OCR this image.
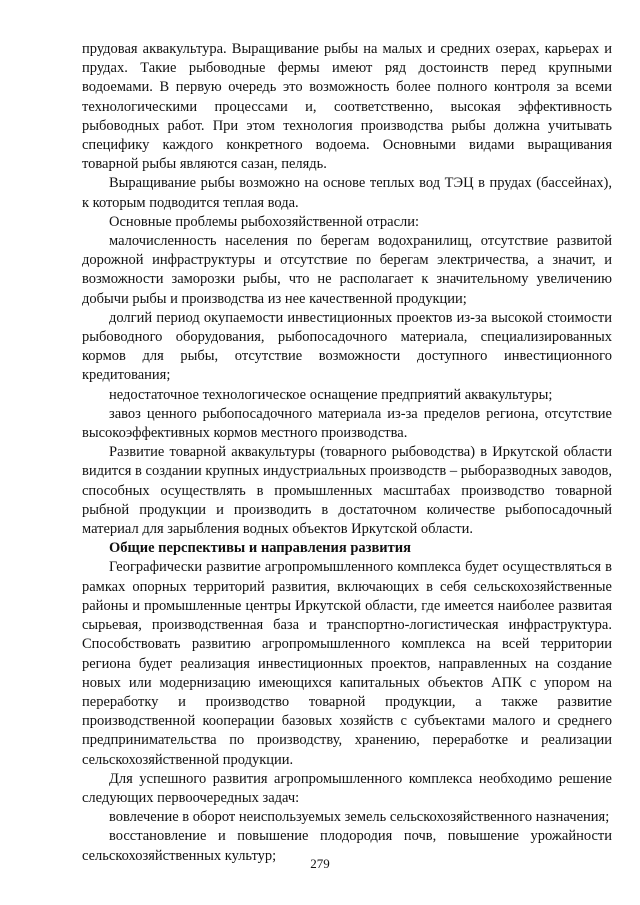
прудовая аквакультура. Выращивание рыбы на малых и средних озерах, карьерах и прудах. Такие рыбоводные фермы имеют ряд достоинств перед крупными водоемами. В первую очередь это возможность более полного контроля за всеми технологическими процессами и, соответственно, высокая эффективность рыбоводных работ. При этом технология производства рыбы должна учитывать специфику каждого конкретного водоема. Основными видами выращивания товарной рыбы являются сазан, пелядь.

Выращивание рыбы возможно на основе теплых вод ТЭЦ в прудах (бассейнах), к которым подводится теплая вода.

Основные проблемы рыбохозяйственной отрасли:

малочисленность населения по берегам водохранилищ, отсутствие развитой дорожной инфраструктуры и отсутствие по берегам электричества, а значит, и возможности заморозки рыбы, что не располагает к значительному увеличению добычи рыбы и производства из нее качественной продукции;

долгий период окупаемости инвестиционных проектов из-за высокой стоимости рыбоводного оборудования, рыбопосадочного материала, специализированных кормов для рыбы, отсутствие возможности доступного инвестиционного кредитования;

недостаточное технологическое оснащение предприятий аквакультуры;

завоз ценного рыбопосадочного материала из-за пределов региона, отсутствие высокоэффективных кормов местного производства.

Развитие товарной аквакультуры (товарного рыбоводства) в Иркутской области видится в создании крупных индустриальных производств – рыборазводных заводов, способных осуществлять в промышленных масштабах производство товарной рыбной продукции и производить в достаточном количестве рыбопосадочный материал для зарыбления водных объектов Иркутской области.

Общие перспективы и направления развития

Географически развитие агропромышленного комплекса будет осуществляться в рамках опорных территорий развития, включающих в себя сельскохозяйственные районы и промышленные центры Иркутской области, где имеется наиболее развитая сырьевая, производственная база и транспортно-логистическая инфраструктура. Способствовать развитию агропромышленного комплекса на всей территории региона будет реализация инвестиционных проектов, направленных на создание новых или модернизацию имеющихся капитальных объектов АПК с упором на переработку и производство товарной продукции, а также развитие производственной кооперации базовых хозяйств с субъектами малого и среднего предпринимательства по производству, хранению, переработке и реализации сельскохозяйственной продукции.

Для успешного развития агропромышленного комплекса необходимо решение следующих первоочередных задач:

вовлечение в оборот неиспользуемых земель сельскохозяйственного назначения;

восстановление и повышение плодородия почв, повышение урожайности сельскохозяйственных культур;	279
